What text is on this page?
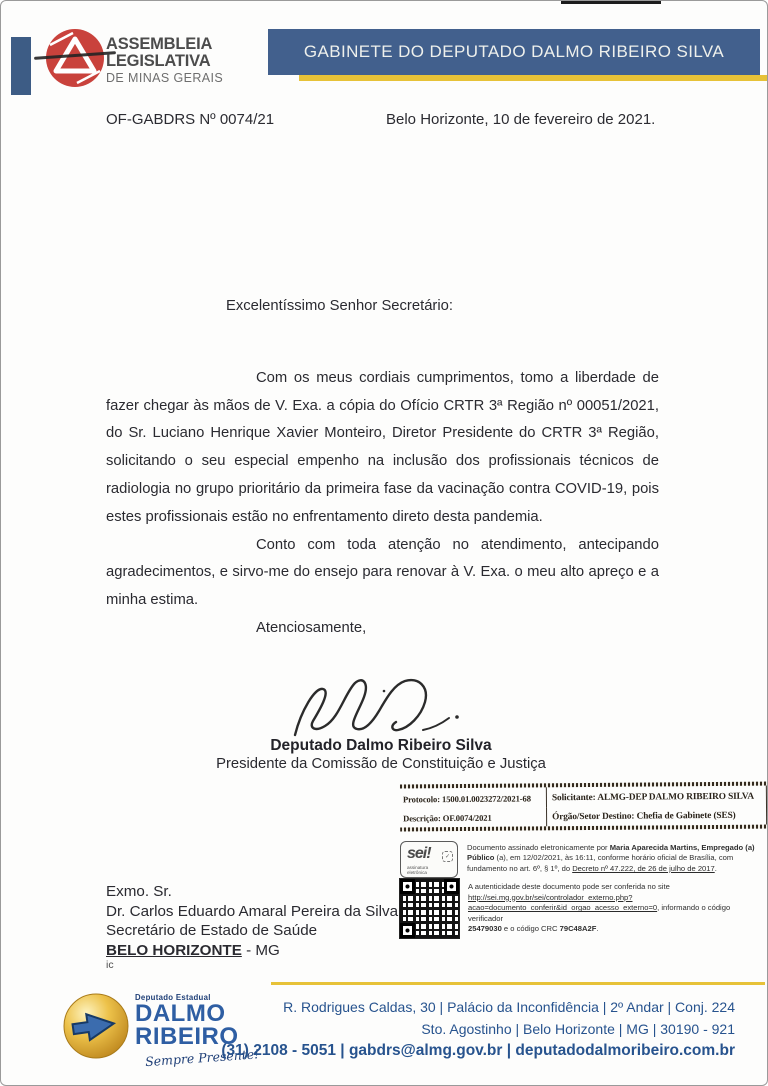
ASSEMBLEIA
LEGISLATIVA
DE MINAS GERAIS
GABINETE DO DEPUTADO DALMO RIBEIRO SILVA
OF-GABDRS Nº 0074/21	Belo Horizonte, 10 de fevereiro de 2021.

Excelentíssimo Senhor Secretário:

Com os meus cordiais cumprimentos, tomo a liberdade de fazer chegar às mãos de V. Exa. a cópia do Ofício CRTR 3ª Região nº 00051/2021, do Sr. Luciano Henrique Xavier Monteiro, Diretor Presidente do CRTR 3ª Região, solicitando o seu especial empenho na inclusão dos profissionais técnicos de radiologia no grupo prioritário da primeira fase da vacinação contra COVID-19, pois estes profissionais estão no enfrentamento direto desta pandemia.

Conto com toda atenção no atendimento, antecipando agradecimentos, e sirvo-me do ensejo para renovar à V. Exa. o meu alto apreço e a minha estima.

Atenciosamente,

Deputado Dalmo Ribeiro Silva
Presidente da Comissão de Constituição e Justiça
Protocolo: 1500.01.0023272/2021-68	Solicitante: ALMG-DEP DALMO RIBEIRO SILVA
Descrição: OF.0074/2021	Órgão/Setor Destino: Chefia de Gabinete (SES)
sei!
assinatura eletrônica
✓

Documento assinado eletronicamente por Maria Aparecida Martins, Empregado (a) Público (a), em 12/02/2021, às 16:11, conforme horário oficial de Brasília, com fundamento no art. 6º, § 1º, do Decreto nº 47.222, de 26 de julho de 2017.

A autenticidade deste documento pode ser conferida no site
http://sei.mg.gov.br/sei/controlador_externo.php?
acao=documento_conferir&id_orgao_acesso_externo=0, informando o código verificador
25479030 e o código CRC 79C48A2F.
Exmo. Sr.
Dr. Carlos Eduardo Amaral Pereira da Silva
Secretário de Estado de Saúde
BELO HORIZONTE - MG
ic
Deputado Estadual
DALMO
RIBEIRO
Sempre Presente!
R. Rodrigues Caldas, 30 | Palácio da Inconfidência | 2º Andar | Conj. 224
Sto. Agostinho | Belo Horizonte | MG | 30190 - 921
(31) 2108 - 5051 | gabdrs@almg.gov.br | deputadodalmoribeiro.com.br
